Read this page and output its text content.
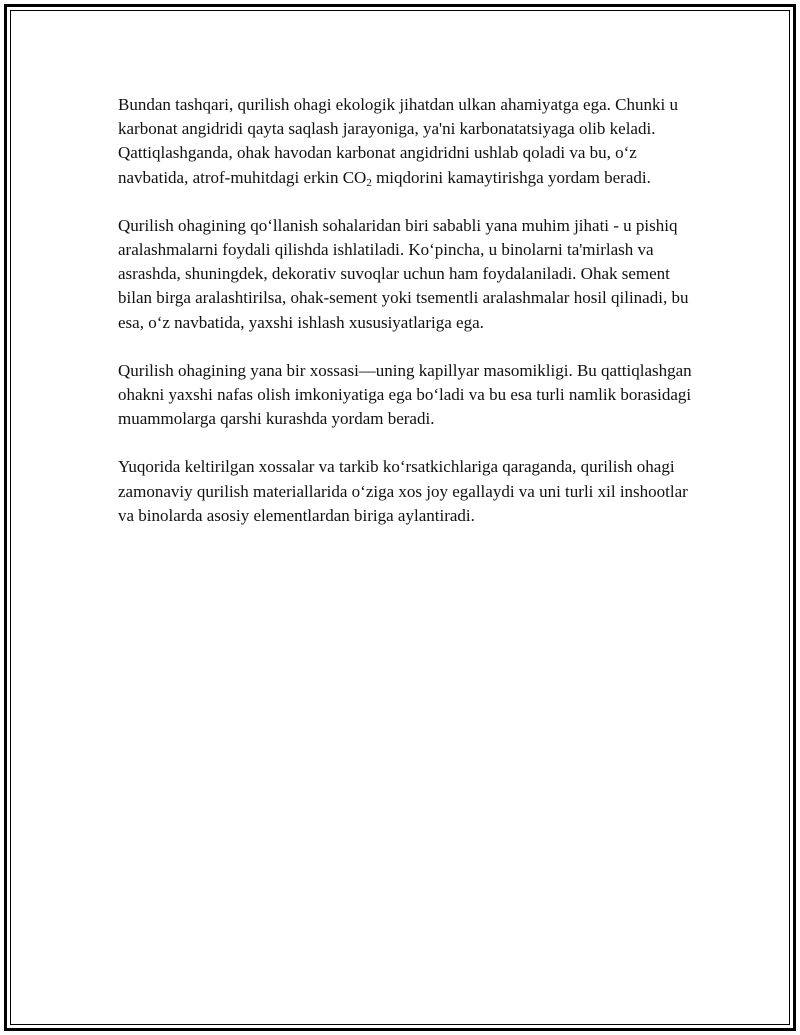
Bundan tashqari, qurilish ohagi ekologik jihatdan ulkan ahamiyatga ega. Chunki u karbonat angidridi qayta saqlash jarayoniga, ya'ni karbonatatsiyaga olib keladi. Qattiqlashganda, ohak havodan karbonat angidridni ushlab qoladi va bu, o‘z navbatida, atrof-muhitdagi erkin $CO_2$ miqdorini kamaytirishga yordam beradi.

Qurilish ohagining qo‘llanish sohalaridan biri sababli yana muhim jihati - u pishiq aralashmalarni foydali qilishda ishlatiladi. Ko‘pincha, u binolarni ta'mirlash va asrashda, shuningdek, dekorativ suvoqlar uchun ham foydalaniladi. Ohak sement bilan birga aralashtirilsa, ohak-sement yoki tsementli aralashmalar hosil qilinadi, bu esa, o‘z navbatida, yaxshi ishlash xususiyatlariga ega.

Qurilish ohagining yana bir xossasi—uning kapillyar masomikligi. Bu qattiqlashgan ohakni yaxshi nafas olish imkoniyatiga ega bo‘ladi va bu esa turli namlik borasidagi muammolarga qarshi kurashda yordam beradi.

Yuqorida keltirilgan xossalar va tarkib ko‘rsatkichlariga qaraganda, qurilish ohagi zamonaviy qurilish materiallarida o‘ziga xos joy egallaydi va uni turli xil inshootlar va binolarda asosiy elementlardan biriga aylantiradi.
